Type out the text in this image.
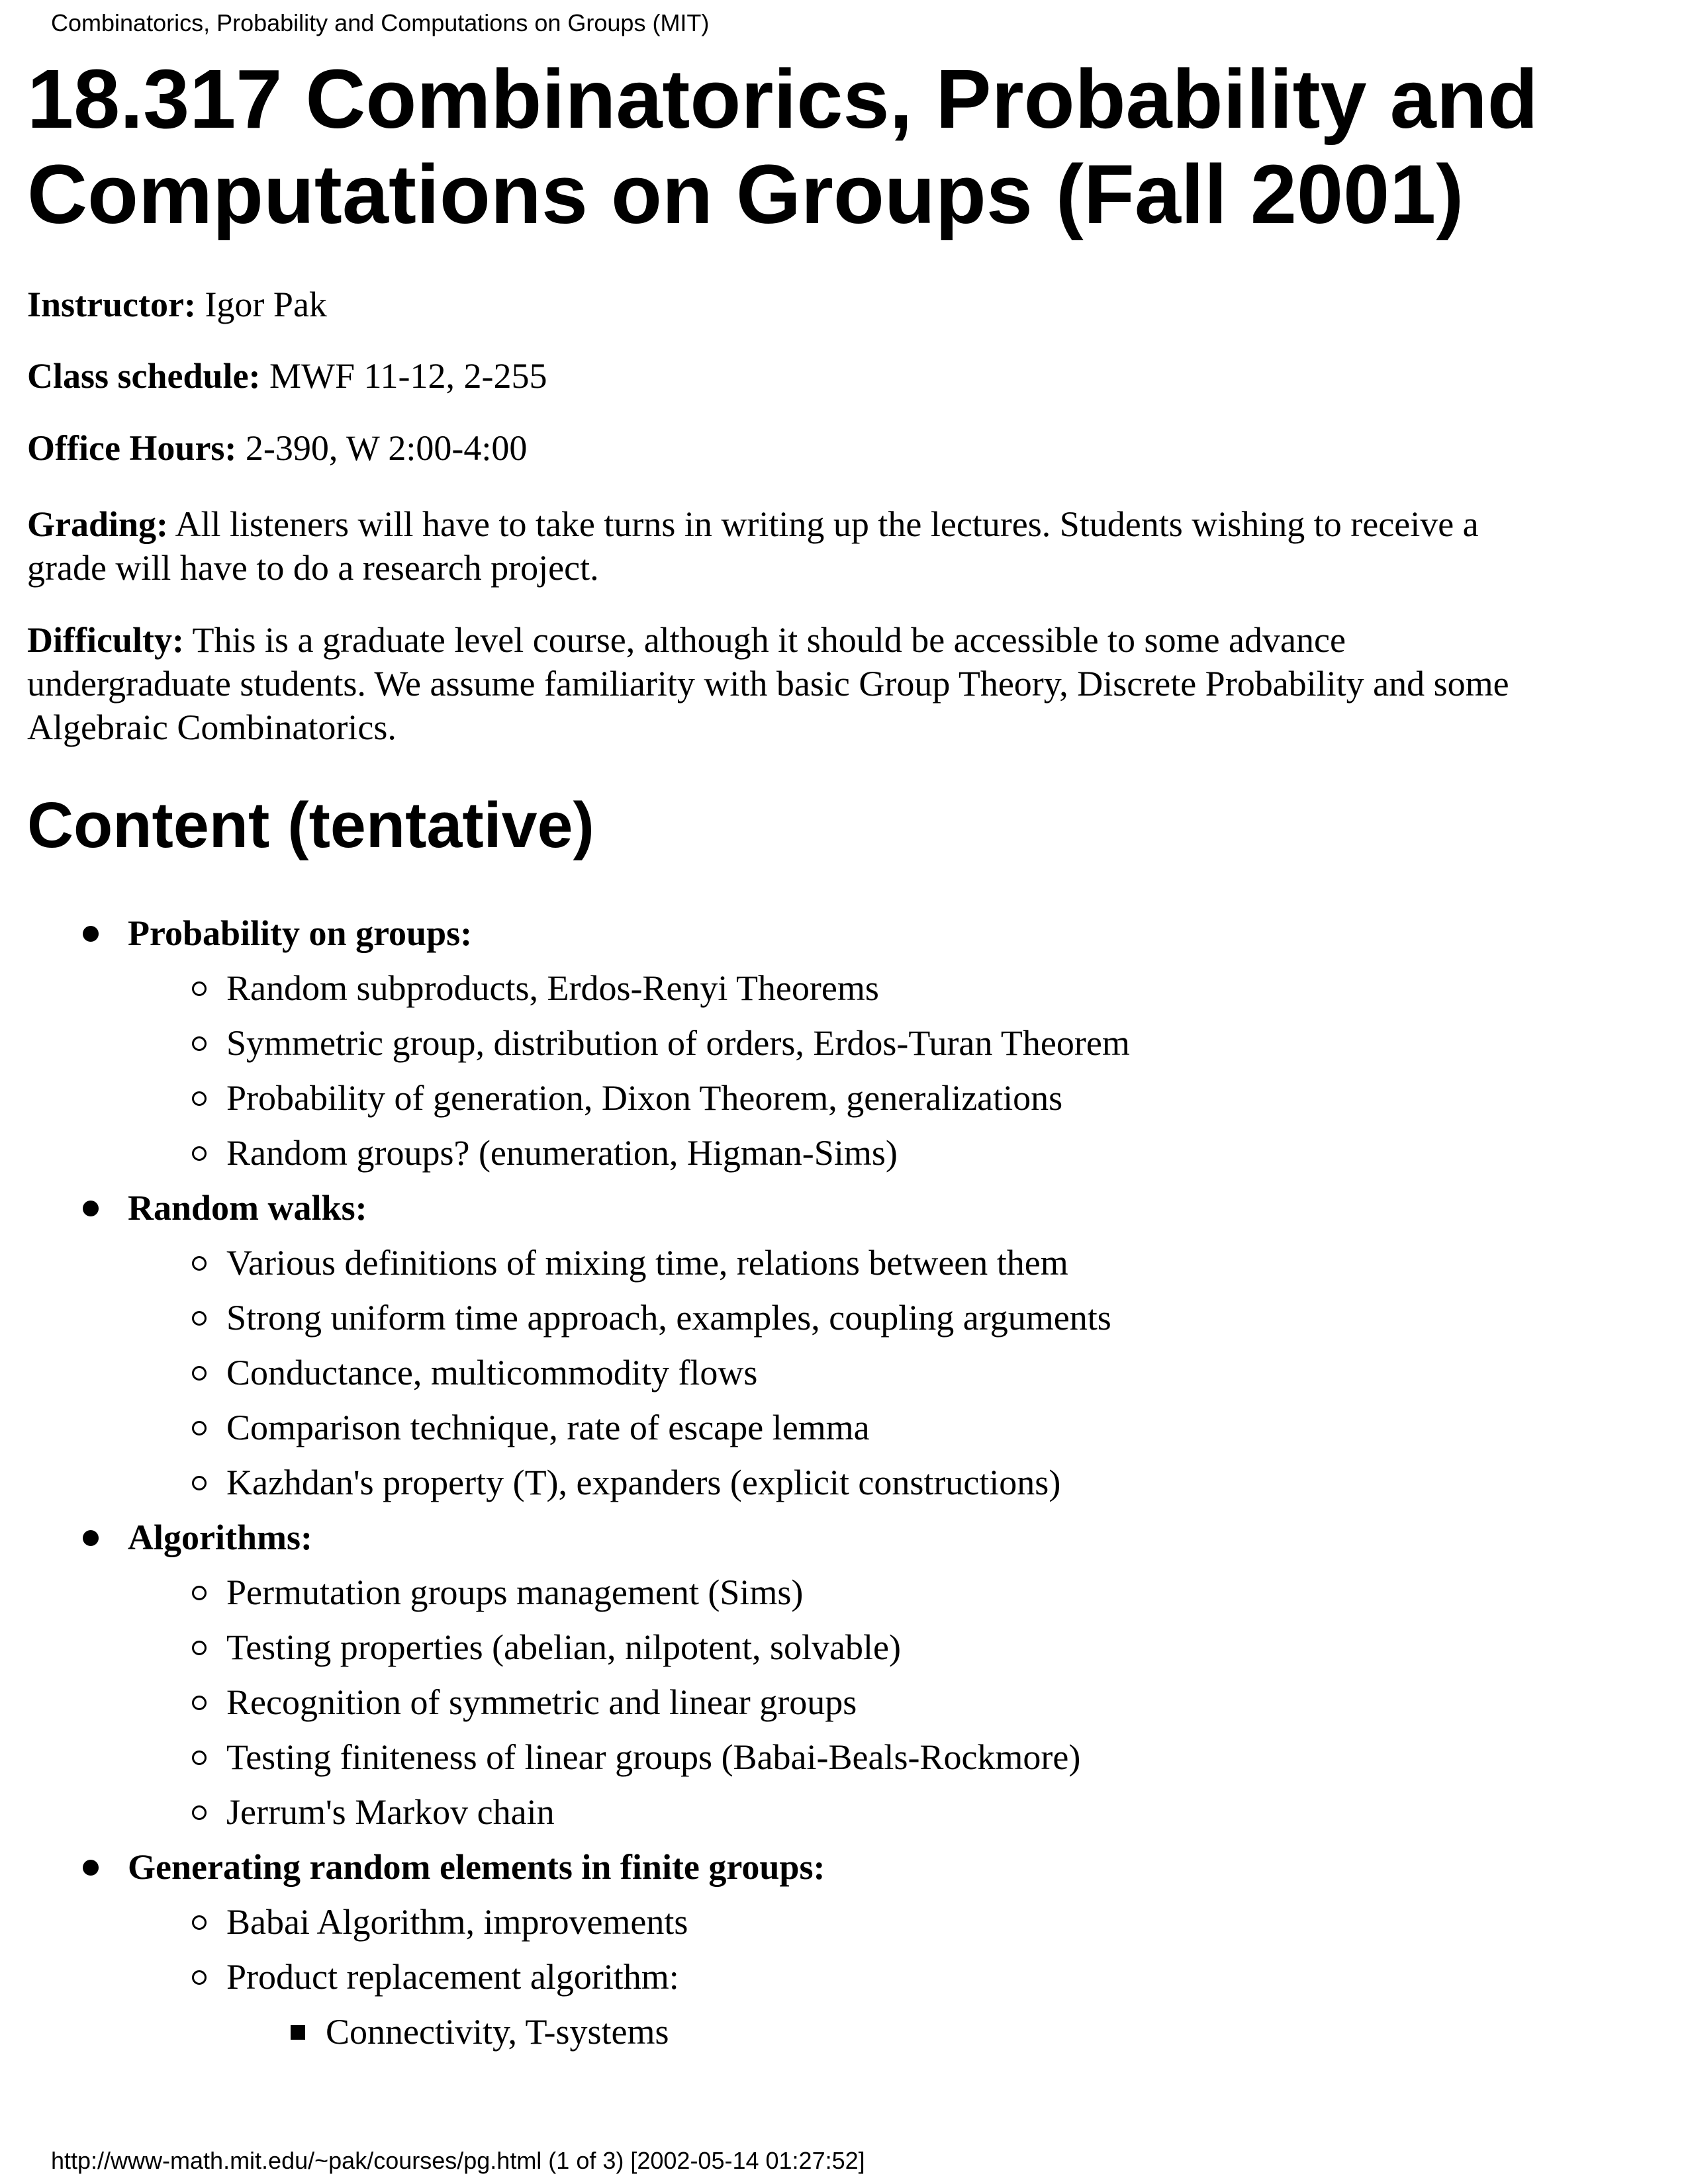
Combinatorics, Probability and Computations on Groups (MIT)
18.317 Combinatorics, Probability and
Computations on Groups (Fall 2001)

Instructor: Igor Pak

Class schedule: MWF 11-12, 2-255

Office Hours: 2-390, W 2:00-4:00

Grading: All listeners will have to take turns in writing up the lectures. Students wishing to receive a
grade will have to do a research project.

Difficulty: This is a graduate level course, although it should be accessible to some advance
undergraduate students. We assume familiarity with basic Group Theory, Discrete Probability and some
Algebraic Combinatorics.

Content (tentative)
Probability on groups:
Random subproducts, Erdos-Renyi Theorems
Symmetric group, distribution of orders, Erdos-Turan Theorem
Probability of generation, Dixon Theorem, generalizations
Random groups? (enumeration, Higman-Sims)
Random walks:
Various definitions of mixing time, relations between them
Strong uniform time approach, examples, coupling arguments
Conductance, multicommodity flows
Comparison technique, rate of escape lemma
Kazhdan's property (T), expanders (explicit constructions)
Algorithms:
Permutation groups management (Sims)
Testing properties (abelian, nilpotent, solvable)
Recognition of symmetric and linear groups
Testing finiteness of linear groups (Babai-Beals-Rockmore)
Jerrum's Markov chain
Generating random elements in finite groups:
Babai Algorithm, improvements
Product replacement algorithm:
Connectivity, T-systems
http://www-math.mit.edu/~pak/courses/pg.html (1 of 3) [2002-05-14 01:27:52]
